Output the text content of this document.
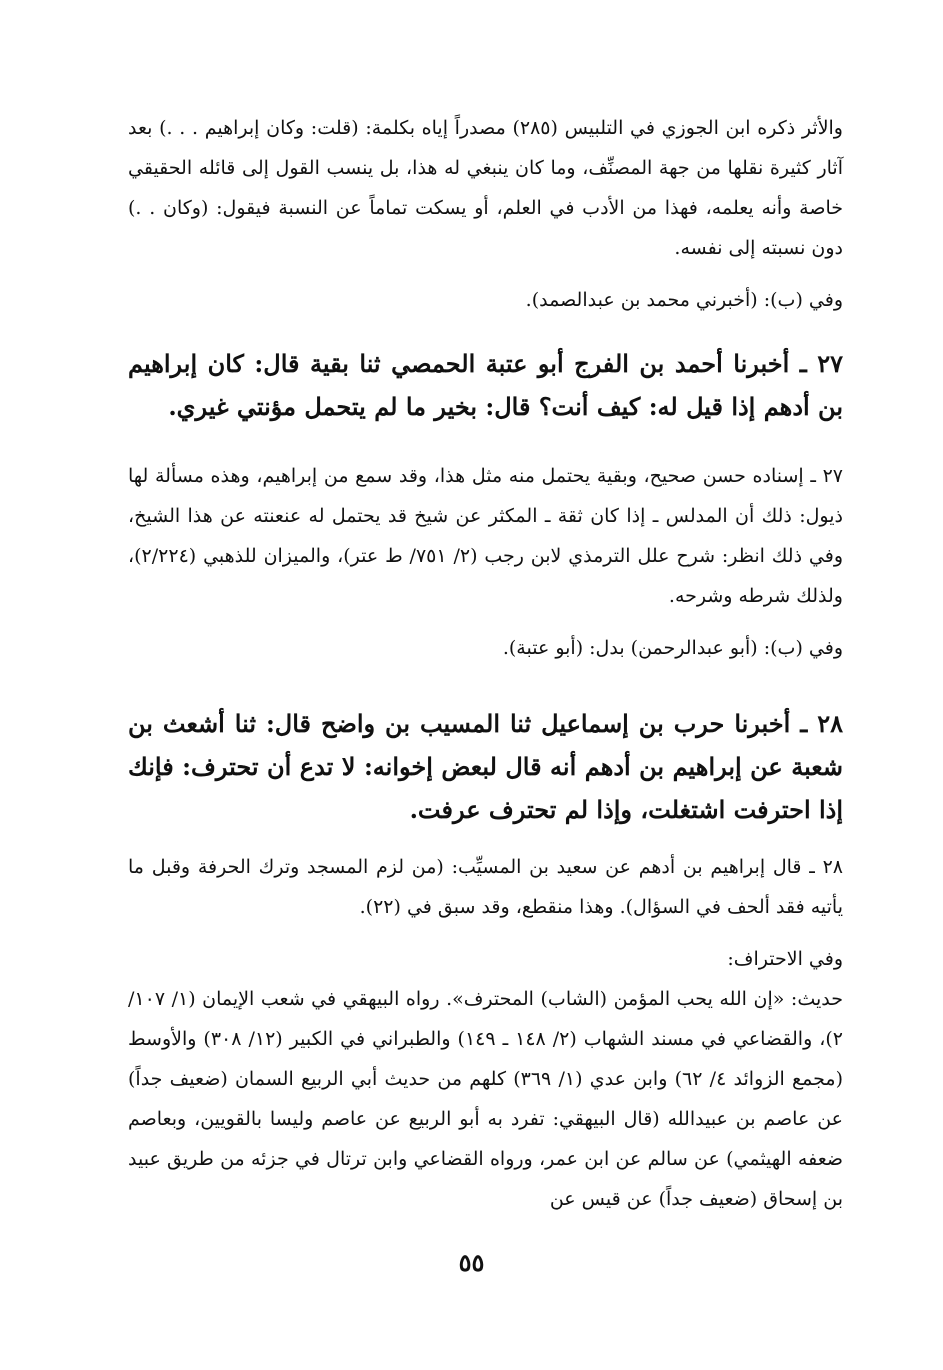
والأثر ذكره ابن الجوزي في التلبيس (٢٨٥) مصدراً إياه بكلمة: (قلت: وكان إبراهيم . . .) بعد آثار كثيرة نقلها من جهة المصنِّف، وما كان ينبغي له هذا، بل ينسب القول إلى قائله الحقيقي خاصة وأنه يعلمه، فهذا من الأدب في العلم، أو يسكت تماماً عن النسبة فيقول: (وكان . .) دون نسبته إلى نفسه.

وفي (ب): (أخبرني محمد بن عبدالصمد).

٢٧ ـ أخبرنا أحمد بن الفرج أبو عتبة الحمصي ثنا بقية قال: كان إبراهيم بن أدهم إذا قيل له: كيف أنت؟ قال: بخير ما لم يتحمل مؤنتي غيري.

٢٧ ـ إسناده حسن صحيح، وبقية يحتمل منه مثل هذا، وقد سمع من إبراهيم، وهذه مسألة لها ذيول: ذلك أن المدلس ـ إذا كان ثقة ـ المكثر عن شيخ قد يحتمل له عنعنته عن هذا الشيخ، وفي ذلك انظر: شرح علل الترمذي لابن رجب (٢/ ٧٥١/ ط عتر)، والميزان للذهبي (٢/٢٢٤)، ولذلك شرطه وشرحه.

وفي (ب): (أبو عبدالرحمن) بدل: (أبو عتبة).

٢٨ ـ أخبرنا حرب بن إسماعيل ثنا المسيب بن واضح قال: ثنا أشعث بن شعبة عن إبراهيم بن أدهم أنه قال لبعض إخوانه: لا تدع أن تحترف: فإنك إذا احترفت اشتغلت، وإذا لم تحترف عرفت.

٢٨ ـ قال إبراهيم بن أدهم عن سعيد بن المسيِّب: (من لزم المسجد وترك الحرفة وقبل ما يأتيه فقد ألحف في السؤال). وهذا منقطع، وقد سبق في (٢٢).

وفي الاحتراف:

حديث: «إن الله يحب المؤمن (الشاب) المحترف». رواه البيهقي في شعب الإيمان (١/ ١٠٧/ ٢)، والقضاعي في مسند الشهاب (٢/ ١٤٨ ـ ١٤٩) والطبراني في الكبير (١٢/ ٣٠٨) والأوسط (مجمع الزوائد ٤/ ٦٢) وابن عدي (١/ ٣٦٩) كلهم من حديث أبي الربيع السمان (ضعيف جداً) عن عاصم بن عبيدالله (قال البيهقي: تفرد به أبو الربيع عن عاصم وليسا بالقويين، وبعاصم ضعفه الهيثمي) عن سالم عن ابن عمر، ورواه القضاعي وابن ترتال في جزئه من طريق عبيد بن إسحاق (ضعيف جداً) عن قيس عن

٥٥
